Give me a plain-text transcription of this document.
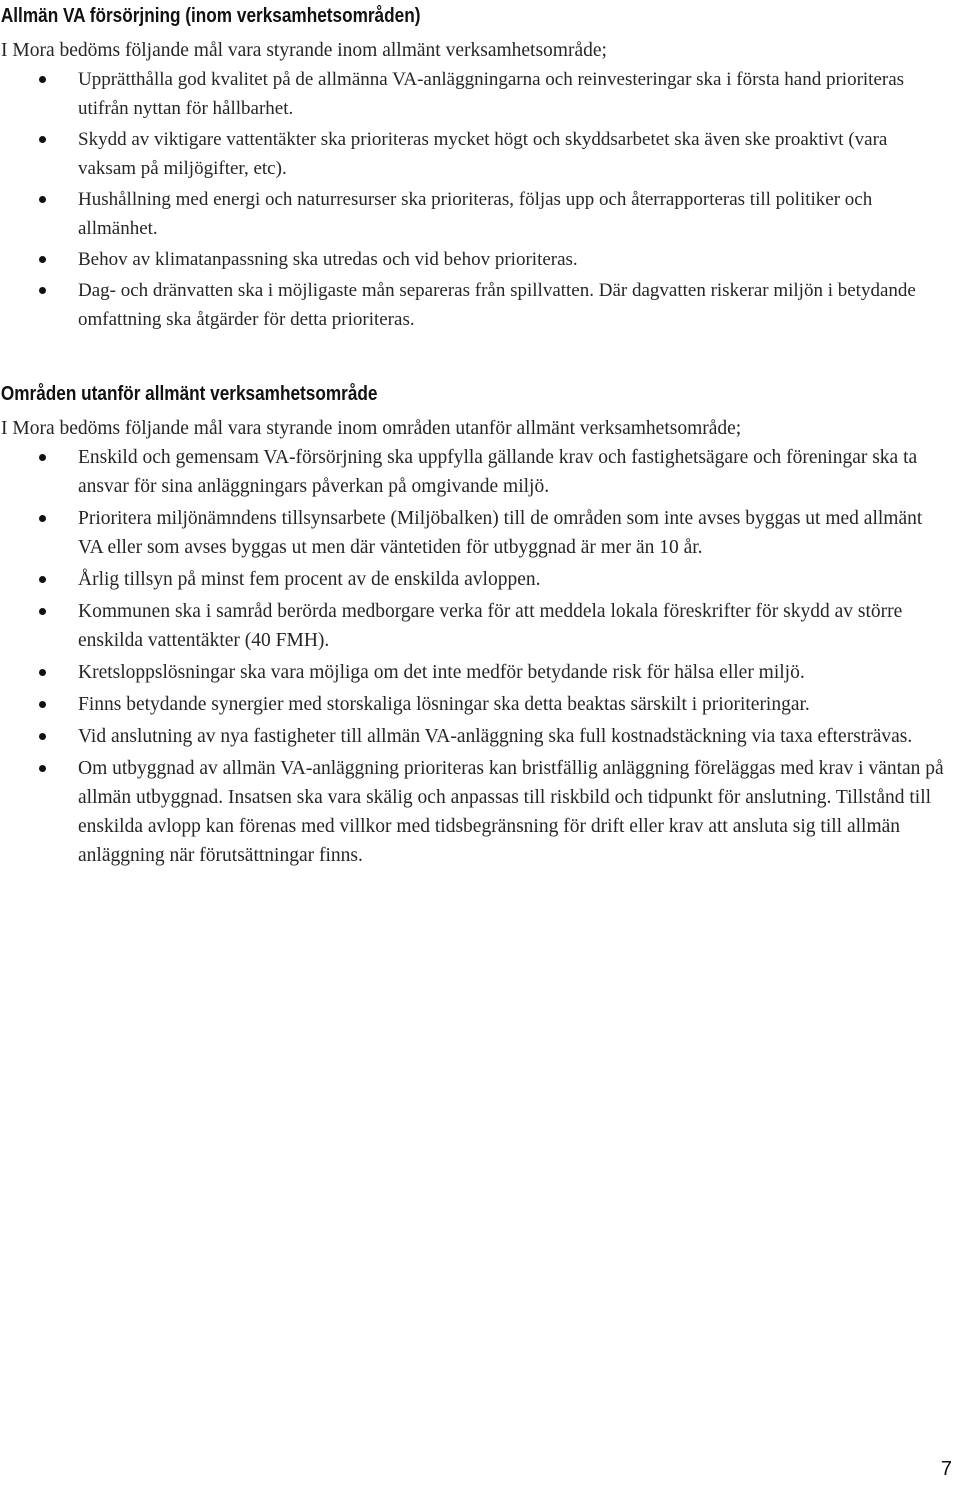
Allmän VA försörjning (inom verksamhetsområden)

I Mora bedöms följande mål vara styrande inom allmänt verksamhetsområde;

Upprätthålla god kvalitet på de allmänna VA-anläggningarna och reinvesteringar ska i första hand prioriteras utifrån nyttan för hållbarhet.
Skydd av viktigare vattentäkter ska prioriteras mycket högt och skyddsarbetet ska även ske proaktivt (vara vaksam på miljögifter, etc).
Hushållning med energi och naturresurser ska prioriteras, följas upp och återrapporteras till politiker och allmänhet.
Behov av klimatanpassning ska utredas och vid behov prioriteras.
Dag- och dränvatten ska i möjligaste mån separeras från spillvatten. Där dagvatten riskerar miljön i betydande omfattning ska åtgärder för detta prioriteras.
Områden utanför allmänt verksamhetsområde

I Mora bedöms följande mål vara styrande inom områden utanför allmänt verksamhetsområde;

Enskild och gemensam VA-försörjning ska uppfylla gällande krav och fastighetsägare och föreningar ska ta ansvar för sina anläggningars påverkan på omgivande miljö.
Prioritera miljönämndens tillsynsarbete (Miljöbalken) till de områden som inte avses byggas ut med allmänt VA eller som avses byggas ut men där väntetiden för utbyggnad är mer än 10 år.
Årlig tillsyn på minst fem procent av de enskilda avloppen.
Kommunen ska i samråd berörda medborgare verka för att meddela lokala föreskrifter för skydd av större enskilda vattentäkter (40 FMH).
Kretsloppslösningar ska vara möjliga om det inte medför betydande risk för hälsa eller miljö.
Finns betydande synergier med storskaliga lösningar ska detta beaktas särskilt i prioriteringar.
Vid anslutning av nya fastigheter till allmän VA-anläggning ska full kostnadstäckning via taxa eftersträvas.
Om utbyggnad av allmän VA-anläggning prioriteras kan bristfällig anläggning föreläggas med krav i väntan på allmän utbyggnad. Insatsen ska vara skälig och anpassas till riskbild och tidpunkt för anslutning. Tillstånd till enskilda avlopp kan förenas med villkor med tidsbegränsning för drift eller krav att ansluta sig till allmän anläggning när förutsättningar finns.
7
